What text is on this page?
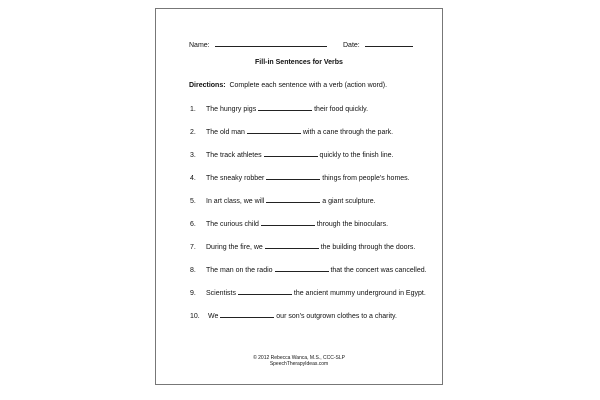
Name:	Date:
Fill-in Sentences for Verbs
Directions: Complete each sentence with a verb (action word).
1. The hungry pigs	their food quickly.
2. The old man	with a cane through the park.
3. The track athletes	quickly to the finish line.
4. The sneaky robber	things from people's homes.
5. In art class, we will	a giant sculpture.
6. The curious child	through the binoculars.
7. During the fire, we	the building through the doors.
8. The man on the radio	that the concert was cancelled.
9. Scientists	the ancient mummy underground in Egypt.
10. We	our son's outgrown clothes to a charity.
© 2012 Rebecca Wanca, M.S., CCC-SLP
SpeechTherapyIdeas.com
